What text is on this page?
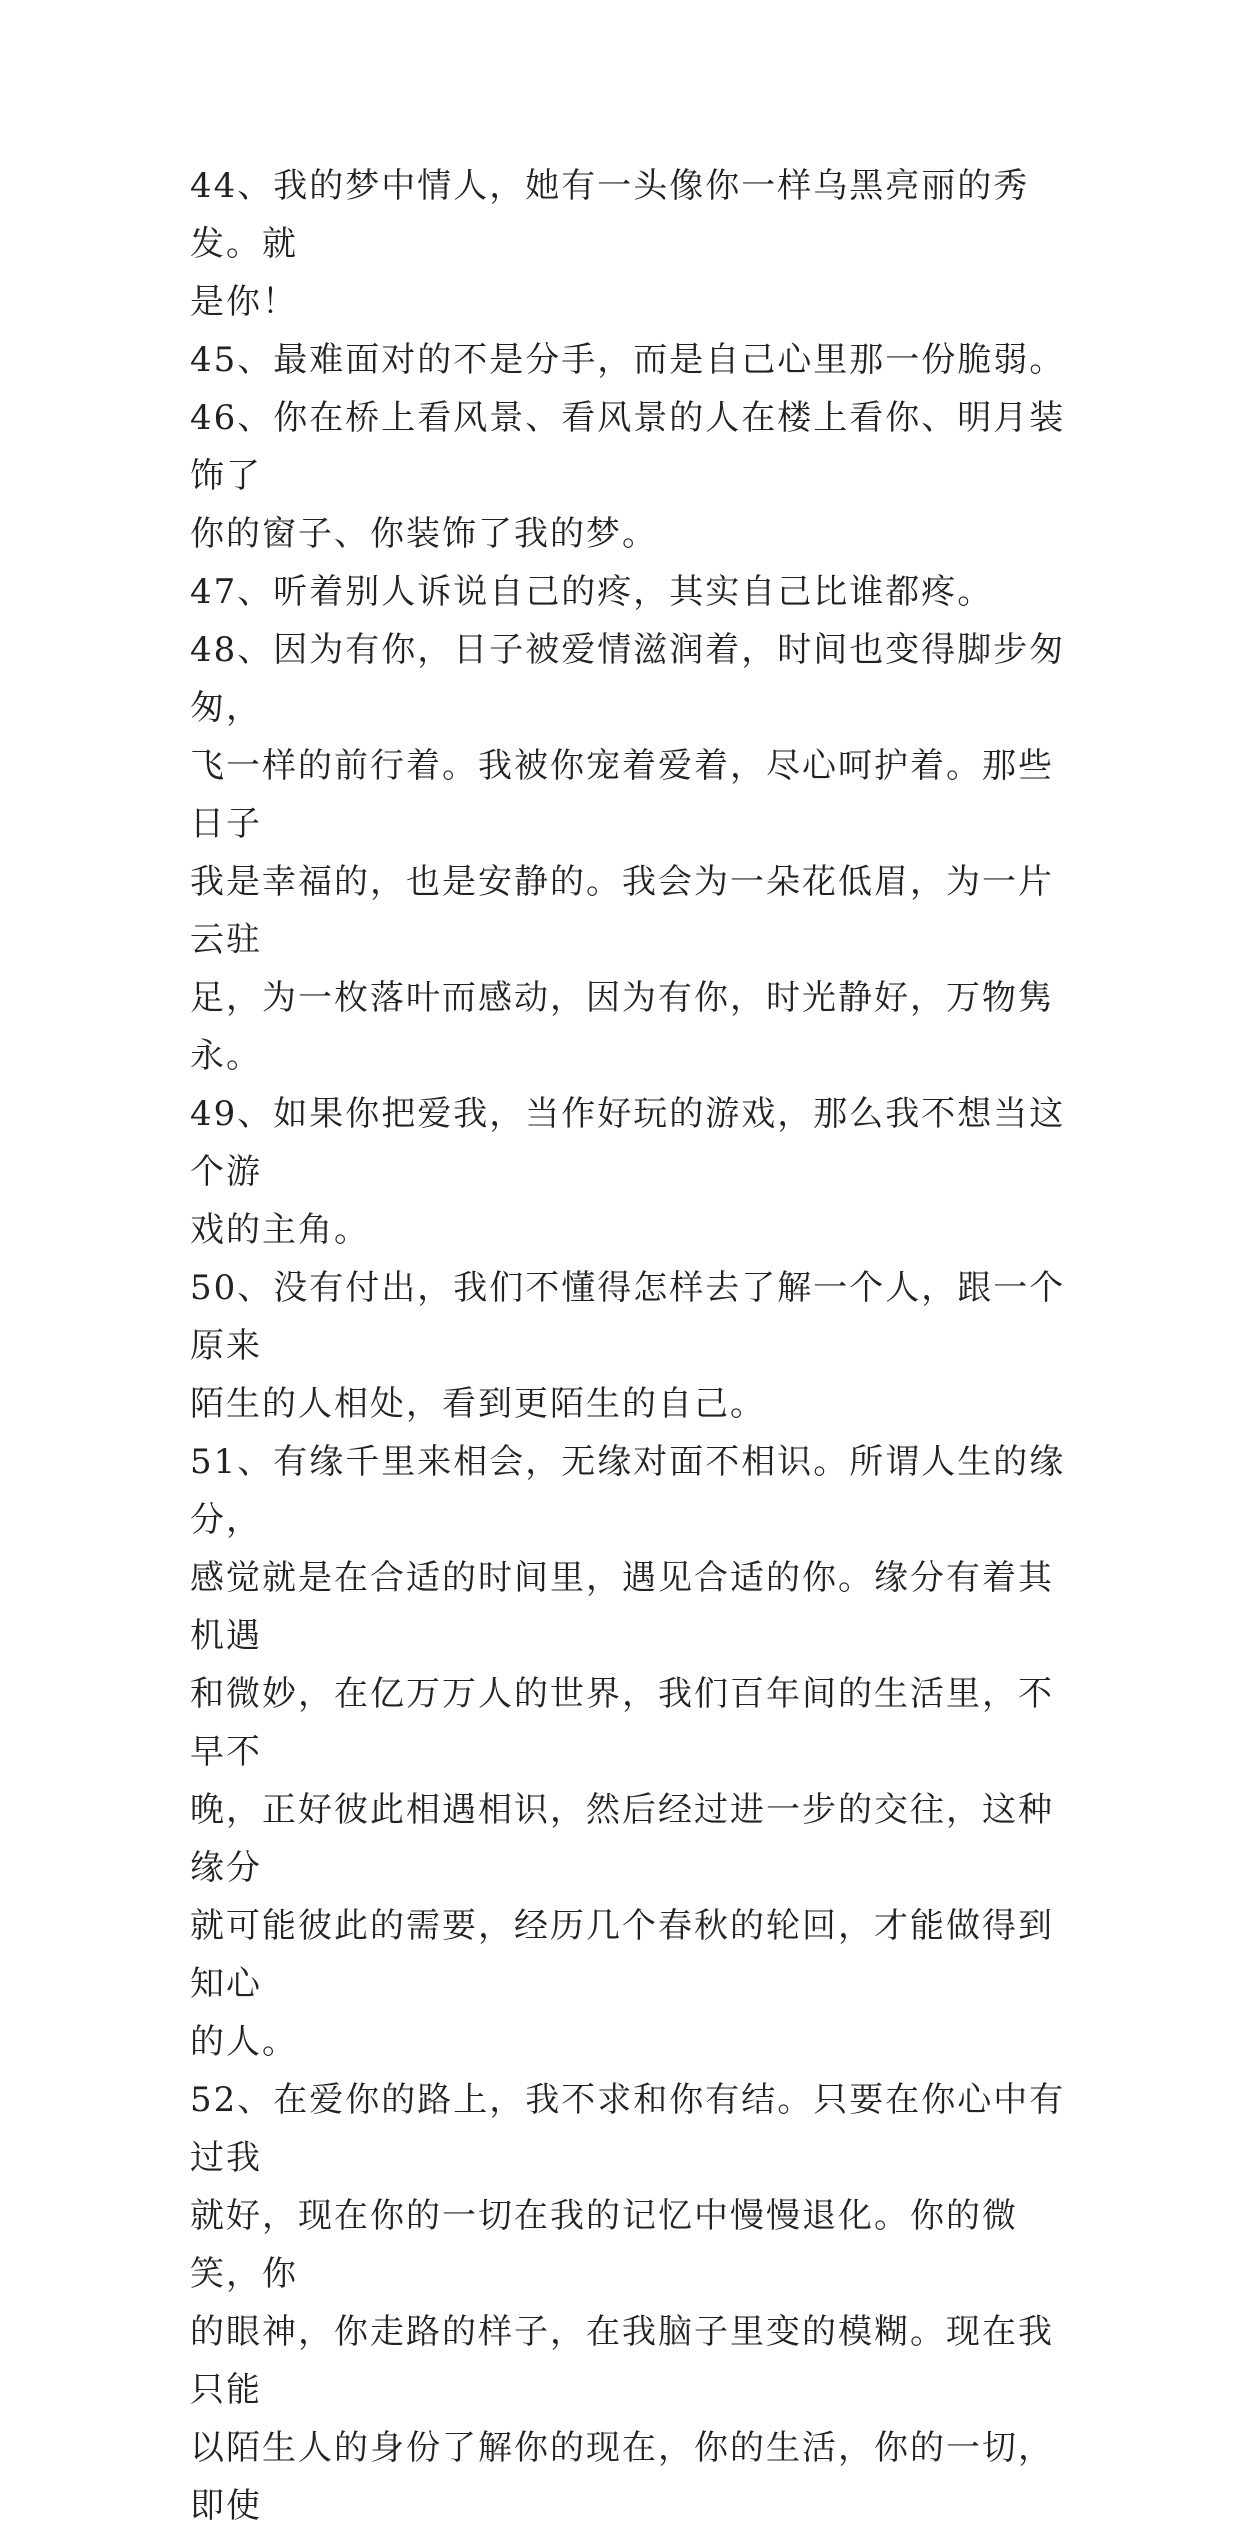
44、我的梦中情人，她有一头像你一样乌黑亮丽的秀发。就
是你！

45、最难面对的不是分手，而是自己心里那一份脆弱。

46、你在桥上看风景、看风景的人在楼上看你、明月装饰了
你的窗子、你装饰了我的梦。

47、听着别人诉说自己的疼，其实自己比谁都疼。

48、因为有你，日子被爱情滋润着，时间也变得脚步匆匆，
飞一样的前行着。我被你宠着爱着，尽心呵护着。那些日子
我是幸福的，也是安静的。我会为一朵花低眉，为一片云驻
足，为一枚落叶而感动，因为有你，时光静好，万物隽永。

49、如果你把爱我，当作好玩的游戏，那么我不想当这个游
戏的主角。

50、没有付出，我们不懂得怎样去了解一个人，跟一个原来
陌生的人相处，看到更陌生的自己。

51、有缘千里来相会，无缘对面不相识。所谓人生的缘分，
感觉就是在合适的时间里，遇见合适的你。缘分有着其机遇
和微妙，在亿万万人的世界，我们百年间的生活里，不早不
晚，正好彼此相遇相识，然后经过进一步的交往，这种缘分
就可能彼此的需要，经历几个春秋的轮回，才能做得到知心
的人。

52、在爱你的路上，我不求和你有结。只要在你心中有过我
就好，现在你的一切在我的记忆中慢慢退化。你的微笑，你
的眼神，你走路的样子，在我脑子里变的模糊。现在我只能
以陌生人的身份了解你的现在，你的生活，你的一切，即使
